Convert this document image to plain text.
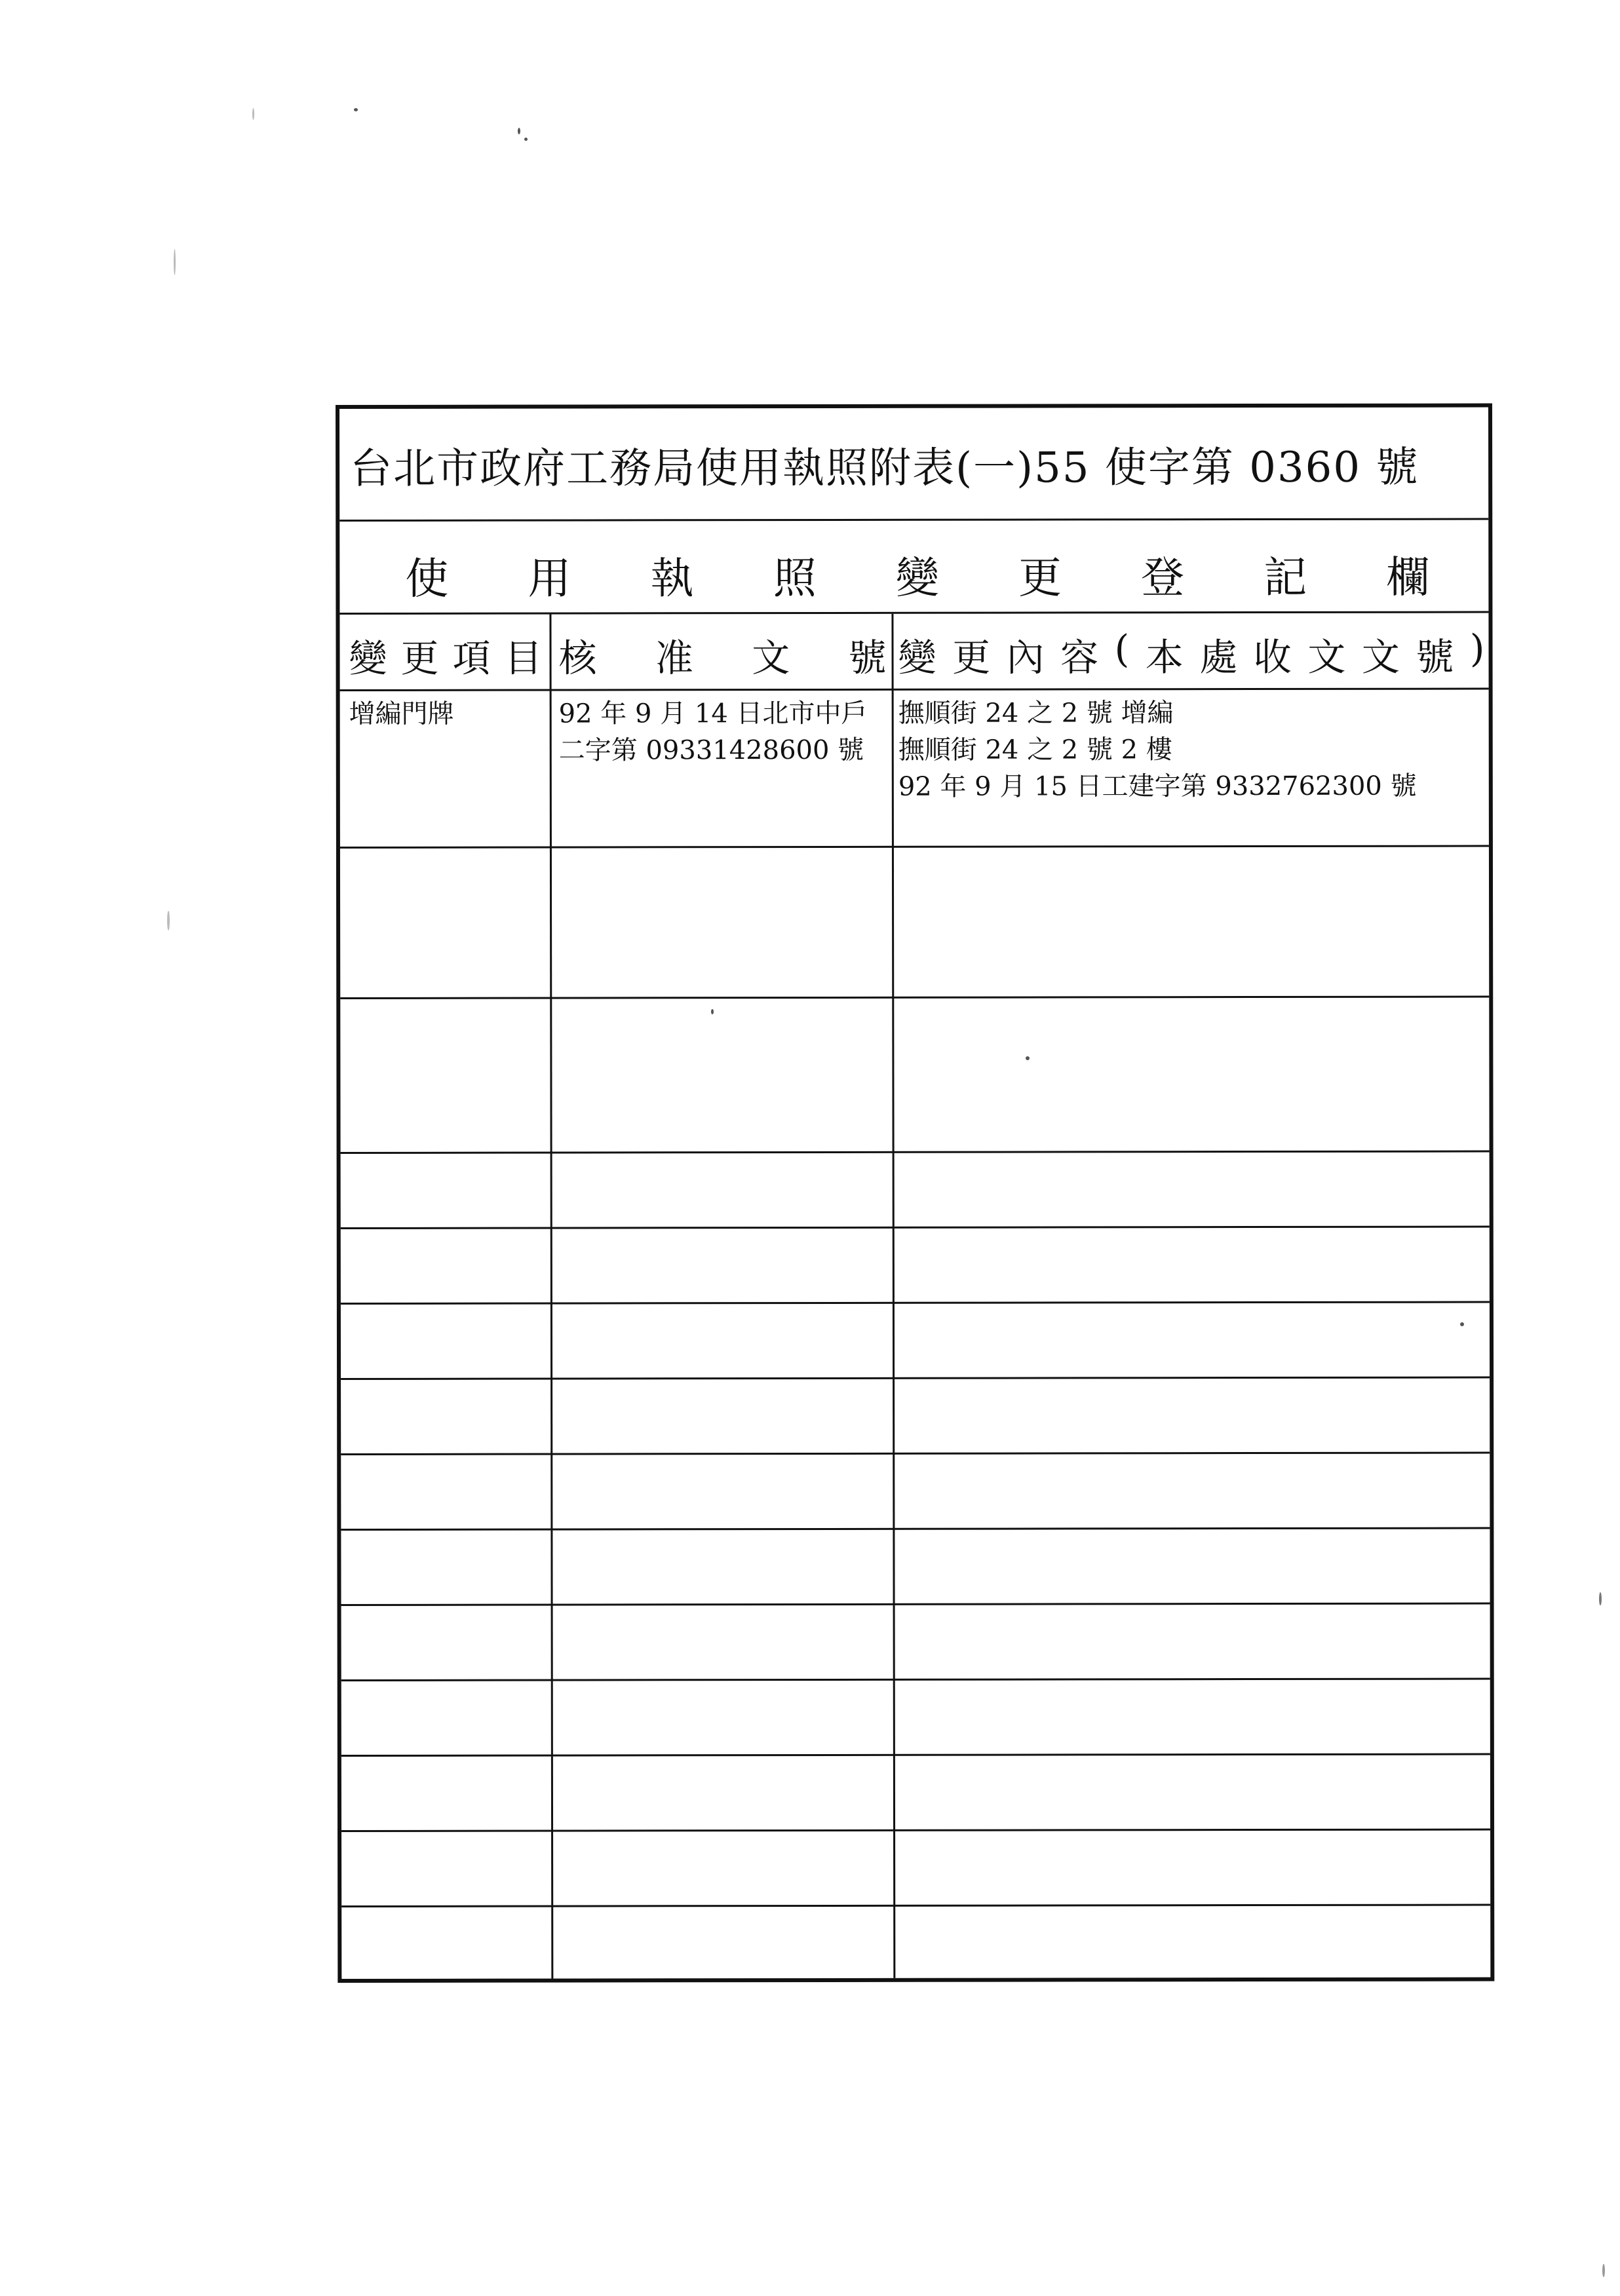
台北市政府工務局使用執照附表(一)55 使字第 0360 號
使 用 執 照 變 更 登 記 欄
變 更 項 目 核 准 文 號 變 更 內 容 ( 本 處 收 文 文 號 )
增編門牌	92 年 9 月 14 日北市中戶
二字第 09331428600 號
撫順街 24 之 2 號 增編
撫順街 24 之 2 號 2 樓
92 年 9 月 15 日工建字第 9332762300 號
